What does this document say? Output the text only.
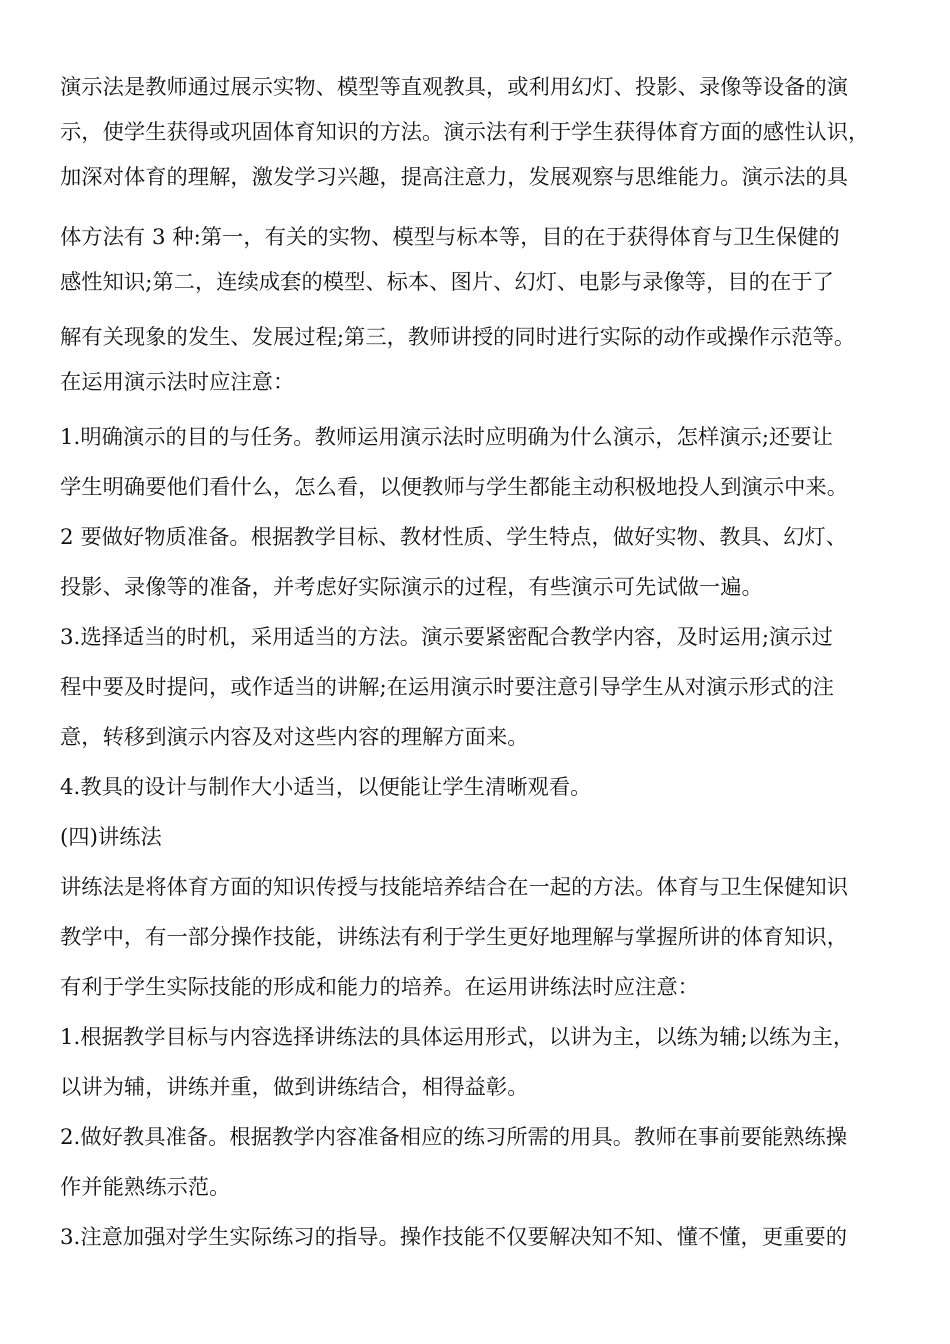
演示法是教师通过展示实物、模型等直观教具，或利用幻灯、投影、录像等设备的演
示，使学生获得或巩固体育知识的方法。演示法有利于学生获得体育方面的感性认识，
加深对体育的理解，激发学习兴趣，提高注意力，发展观察与思维能力。演示法的具
体方法有 3 种:第一，有关的实物、模型与标本等，目的在于获得体育与卫生保健的
感性知识;第二，连续成套的模型、标本、图片、幻灯、电影与录像等，目的在于了
解有关现象的发生、发展过程;第三，教师讲授的同时进行实际的动作或操作示范等。
在运用演示法时应注意：
1.明确演示的目的与任务。教师运用演示法时应明确为什么演示，怎样演示;还要让
学生明确要他们看什么，怎么看，以便教师与学生都能主动积极地投人到演示中来。
2 要做好物质准备。根据教学目标、教材性质、学生特点，做好实物、教具、幻灯、
投影、录像等的准备，并考虑好实际演示的过程，有些演示可先试做一遍。
3.选择适当的时机，采用适当的方法。演示要紧密配合教学内容，及时运用;演示过
程中要及时提问，或作适当的讲解;在运用演示时要注意引导学生从对演示形式的注
意，转移到演示内容及对这些内容的理解方面来。
4.教具的设计与制作大小适当，以便能让学生清晰观看。
(四)讲练法
讲练法是将体育方面的知识传授与技能培养结合在一起的方法。体育与卫生保健知识
教学中，有一部分操作技能，讲练法有利于学生更好地理解与掌握所讲的体育知识，
有利于学生实际技能的形成和能力的培养。在运用讲练法时应注意：
1.根据教学目标与内容选择讲练法的具体运用形式，以讲为主，以练为辅;以练为主，
以讲为辅，讲练并重，做到讲练结合，相得益彰。
2.做好教具准备。根据教学内容准备相应的练习所需的用具。教师在事前要能熟练操
作并能熟练示范。
3.注意加强对学生实际练习的指导。操作技能不仅要解决知不知、懂不懂，更重要的
